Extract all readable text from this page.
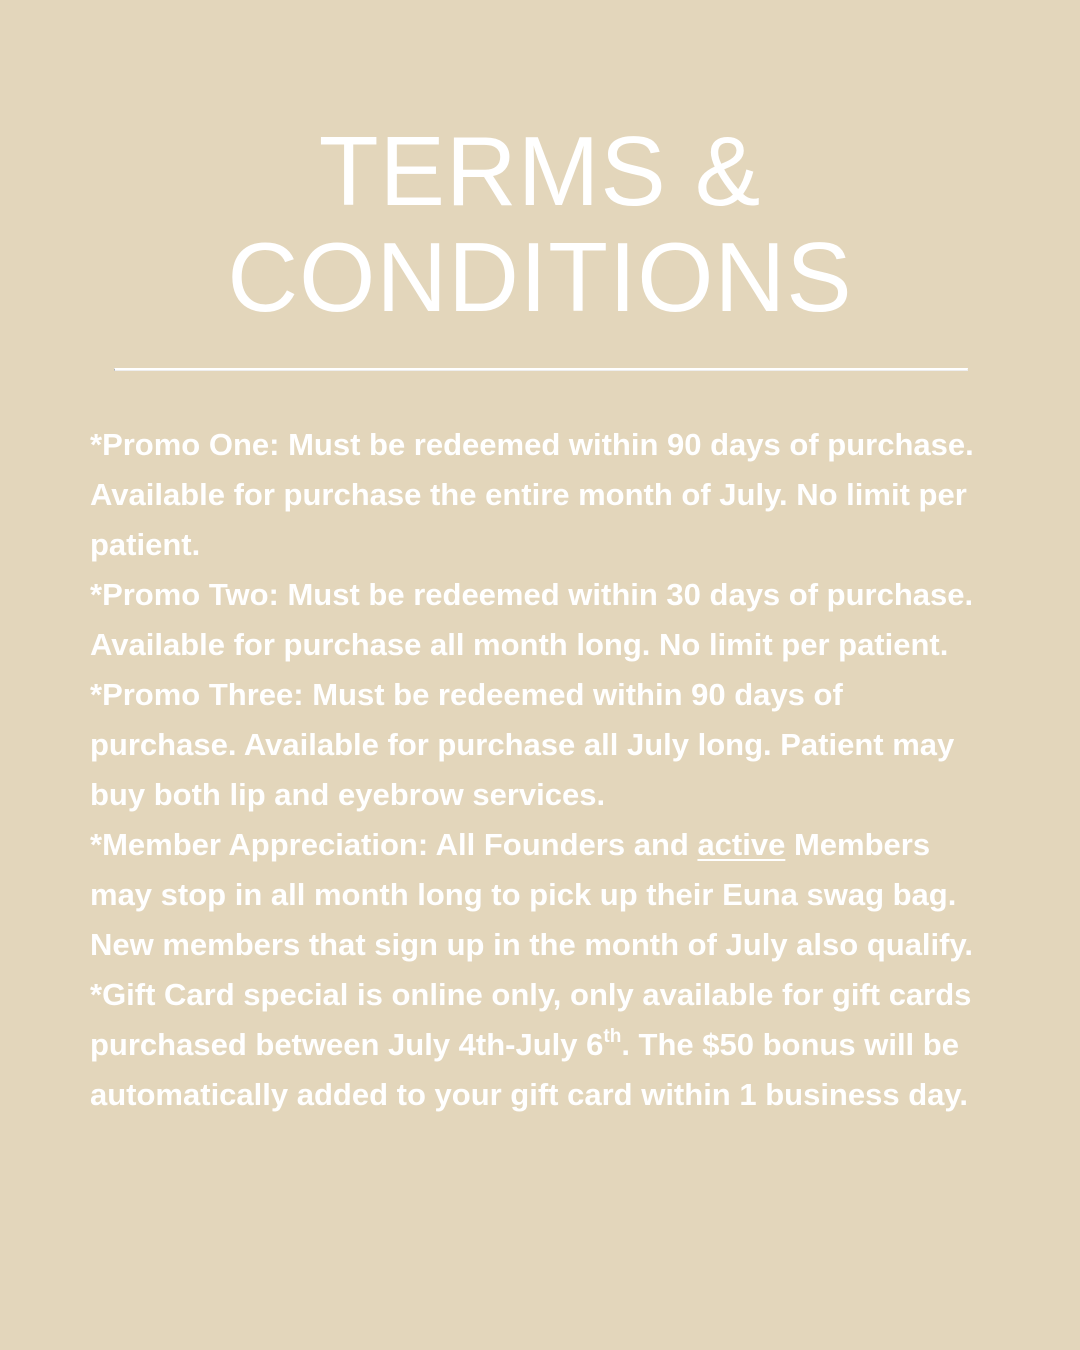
TERMS &
CONDITIONS

*Promo One: Must be redeemed within 90 days of purchase. Available for purchase the entire month of July. No limit per patient.

*Promo Two: Must be redeemed within 30 days of purchase. Available for purchase all month long. No limit per patient.

*Promo Three: Must be redeemed within 90 days of purchase. Available for purchase all July long. Patient may buy both lip and eyebrow services.

*Member Appreciation: All Founders and active Members may stop in all month long to pick up their Euna swag bag. New members that sign up in the month of July also qualify.

*Gift Card special is online only, only available for gift cards purchased between July 4th-July 6th. The $50 bonus will be automatically added to your gift card within 1 business day.
